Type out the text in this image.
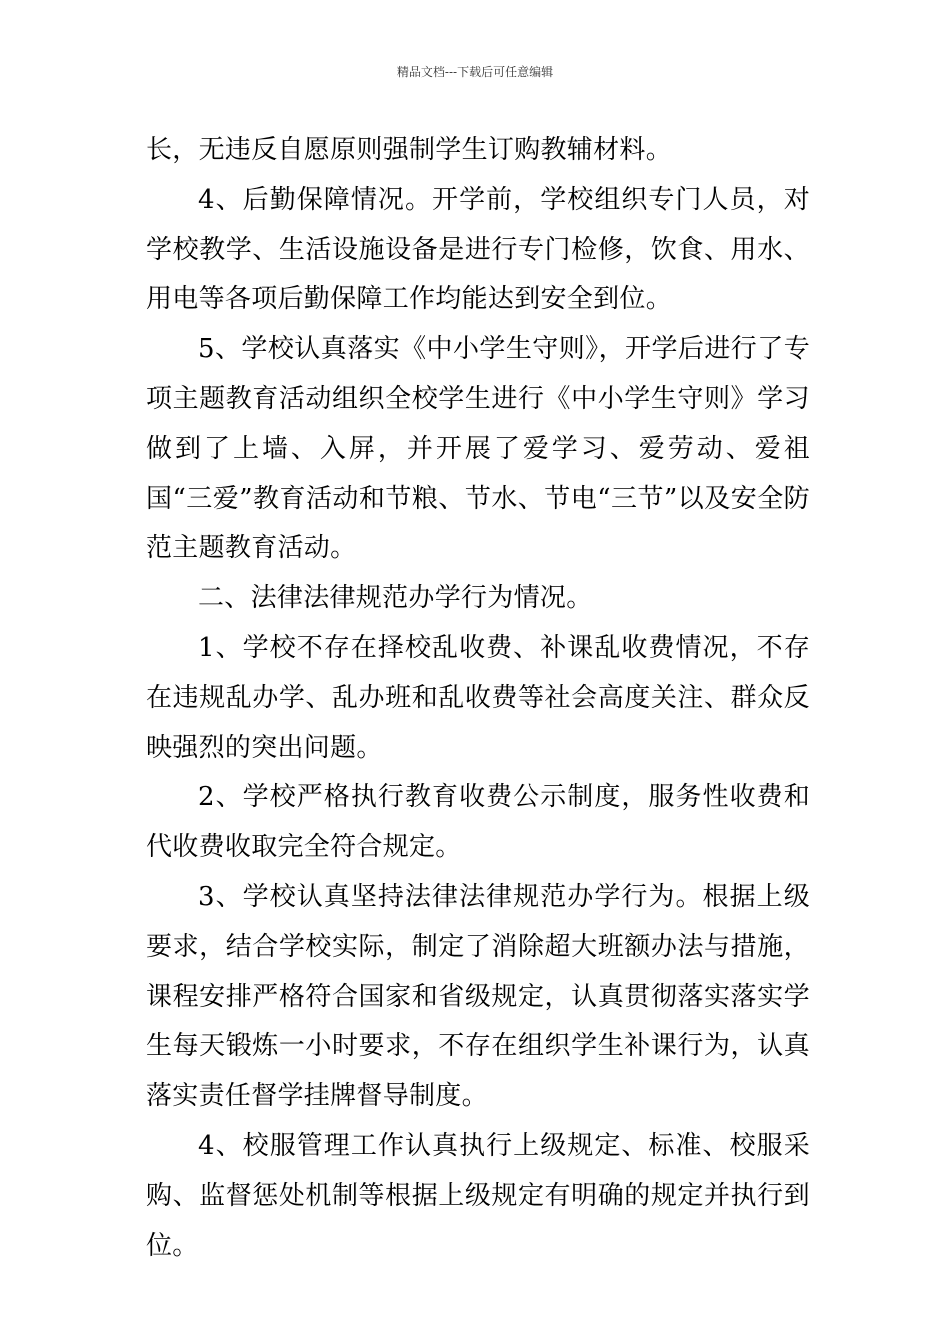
精品文档---下载后可任意编辑

长，无违反自愿原则强制学生订购教辅材料。

4、后勤保障情况。开学前，学校组织专门人员，对学校教学、生活设施设备是进行专门检修，饮食、用水、用电等各项后勤保障工作均能达到安全到位。

5、学校认真落实《中小学生守则》，开学后进行了专项主题教育活动组织全校学生进行《中小学生守则》学习做到了上墙、入屏，并开展了爱学习、爱劳动、爱祖国“三爱”教育活动和节粮、节水、节电“三节”以及安全防范主题教育活动。

二、法律法律规范办学行为情况。

1、学校不存在择校乱收费、补课乱收费情况，不存在违规乱办学、乱办班和乱收费等社会高度关注、群众反映强烈的突出问题。

2、学校严格执行教育收费公示制度，服务性收费和代收费收取完全符合规定。

3、学校认真坚持法律法律规范办学行为。根据上级要求，结合学校实际，制定了消除超大班额办法与措施，课程安排严格符合国家和省级规定，认真贯彻落实落实学生每天锻炼一小时要求，不存在组织学生补课行为，认真落实责任督学挂牌督导制度。

4、校服管理工作认真执行上级规定、标准、校服采购、监督惩处机制等根据上级规定有明确的规定并执行到位。
